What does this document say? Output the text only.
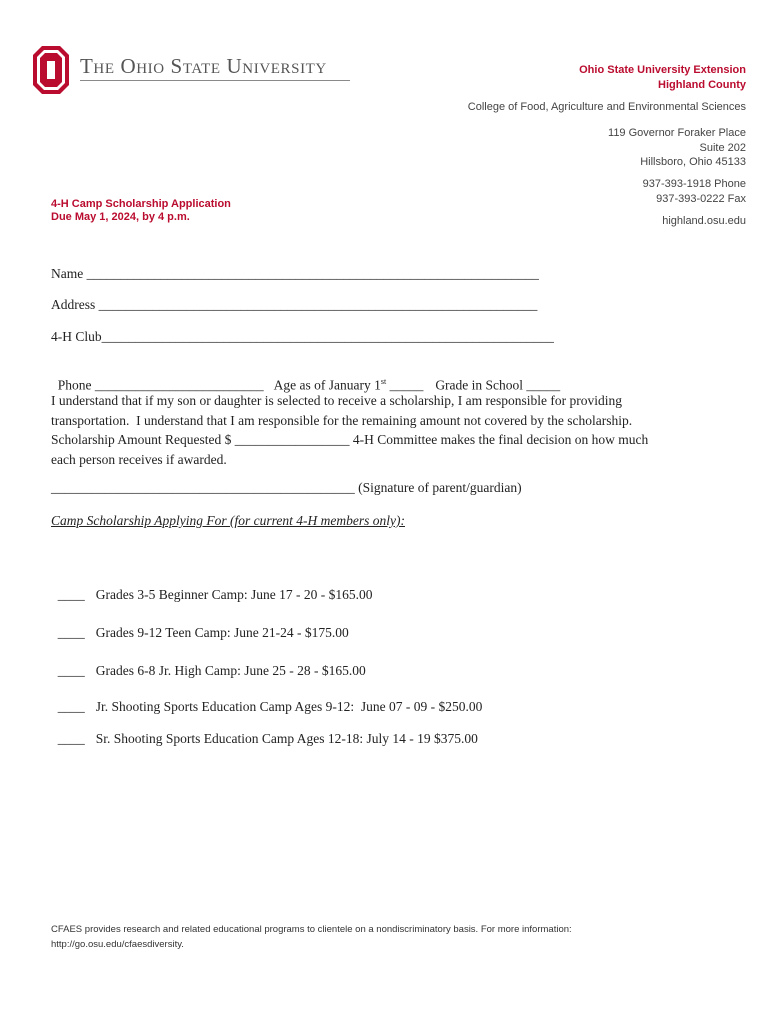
The Ohio State University	Ohio State University Extension
Highland County
College of Food, Agriculture and Environmental Sciences
119 Governor Foraker Place
Suite 202
Hillsboro, Ohio 45133
937-393-1918 Phone
937-393-0222 Fax
highland.osu.edu
4-H Camp Scholarship Application
Due May 1, 2024, by 4 p.m.
Name ___________________________________________________________________
Address _________________________________________________________________
4-H Club___________________________________________________________________

Phone _________________________ Age as of January 1st _____ Grade in School _____

I understand that if my son or daughter is selected to receive a scholarship, I am responsible for providing

transportation.  I understand that I am responsible for the remaining amount not covered by the scholarship.

Scholarship Amount Requested $ _________________ 4-H Committee makes the final decision on how much

each person receives if awarded.

_____________________________________________ (Signature of parent/guardian)
Camp Scholarship Applying For (for current 4-H members only):

____ Grades 3-5 Beginner Camp: June 17 - 20 - $165.00

____ Grades 9-12 Teen Camp: June 21-24 - $175.00

____ Grades 6-8 Jr. High Camp: June 25 - 28 - $165.00

____ Jr. Shooting Sports Education Camp Ages 9-12:  June 07 - 09 - $250.00

____ Sr. Shooting Sports Education Camp Ages 12-18: July 14 - 19 $375.00

CFAES provides research and related educational programs to clientele on a nondiscriminatory basis. For more information:
http://go.osu.edu/cfaesdiversity.
